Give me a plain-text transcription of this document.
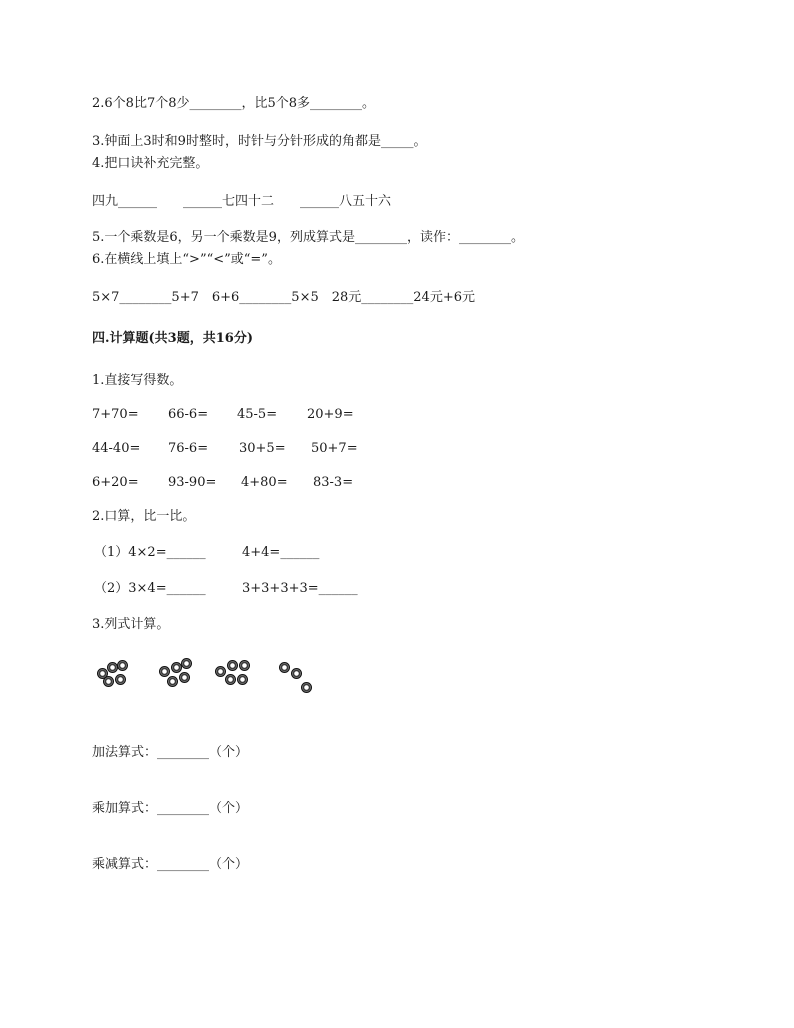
2.6个8比7个8少________，比5个8多________。
3.钟面上3时和9时整时，时针与分针形成的角都是_____。
4.把口诀补充完整。
四九______　　______七四十二　　______八五十六
5.一个乘数是6，另一个乘数是9，列成算式是________，读作：________。
6.在横线上填上“>”“<”或“=”。
5×7________5+7　6+6________5×5　28元________24元+6元
四.计算题(共3题，共16分)
1.直接写得数。
7+70= 66-6= 45-5= 20+9=
44-40= 76-6= 30+5= 50+7=
6+20= 93-90= 4+80= 83-3=
2.口算，比一比。
（1）4×2=______	4+4=______
（2）3×4=______	3+3+3+3=______
3.列式计算。
加法算式：________（个）
乘加算式：________（个）
乘减算式：________（个）
